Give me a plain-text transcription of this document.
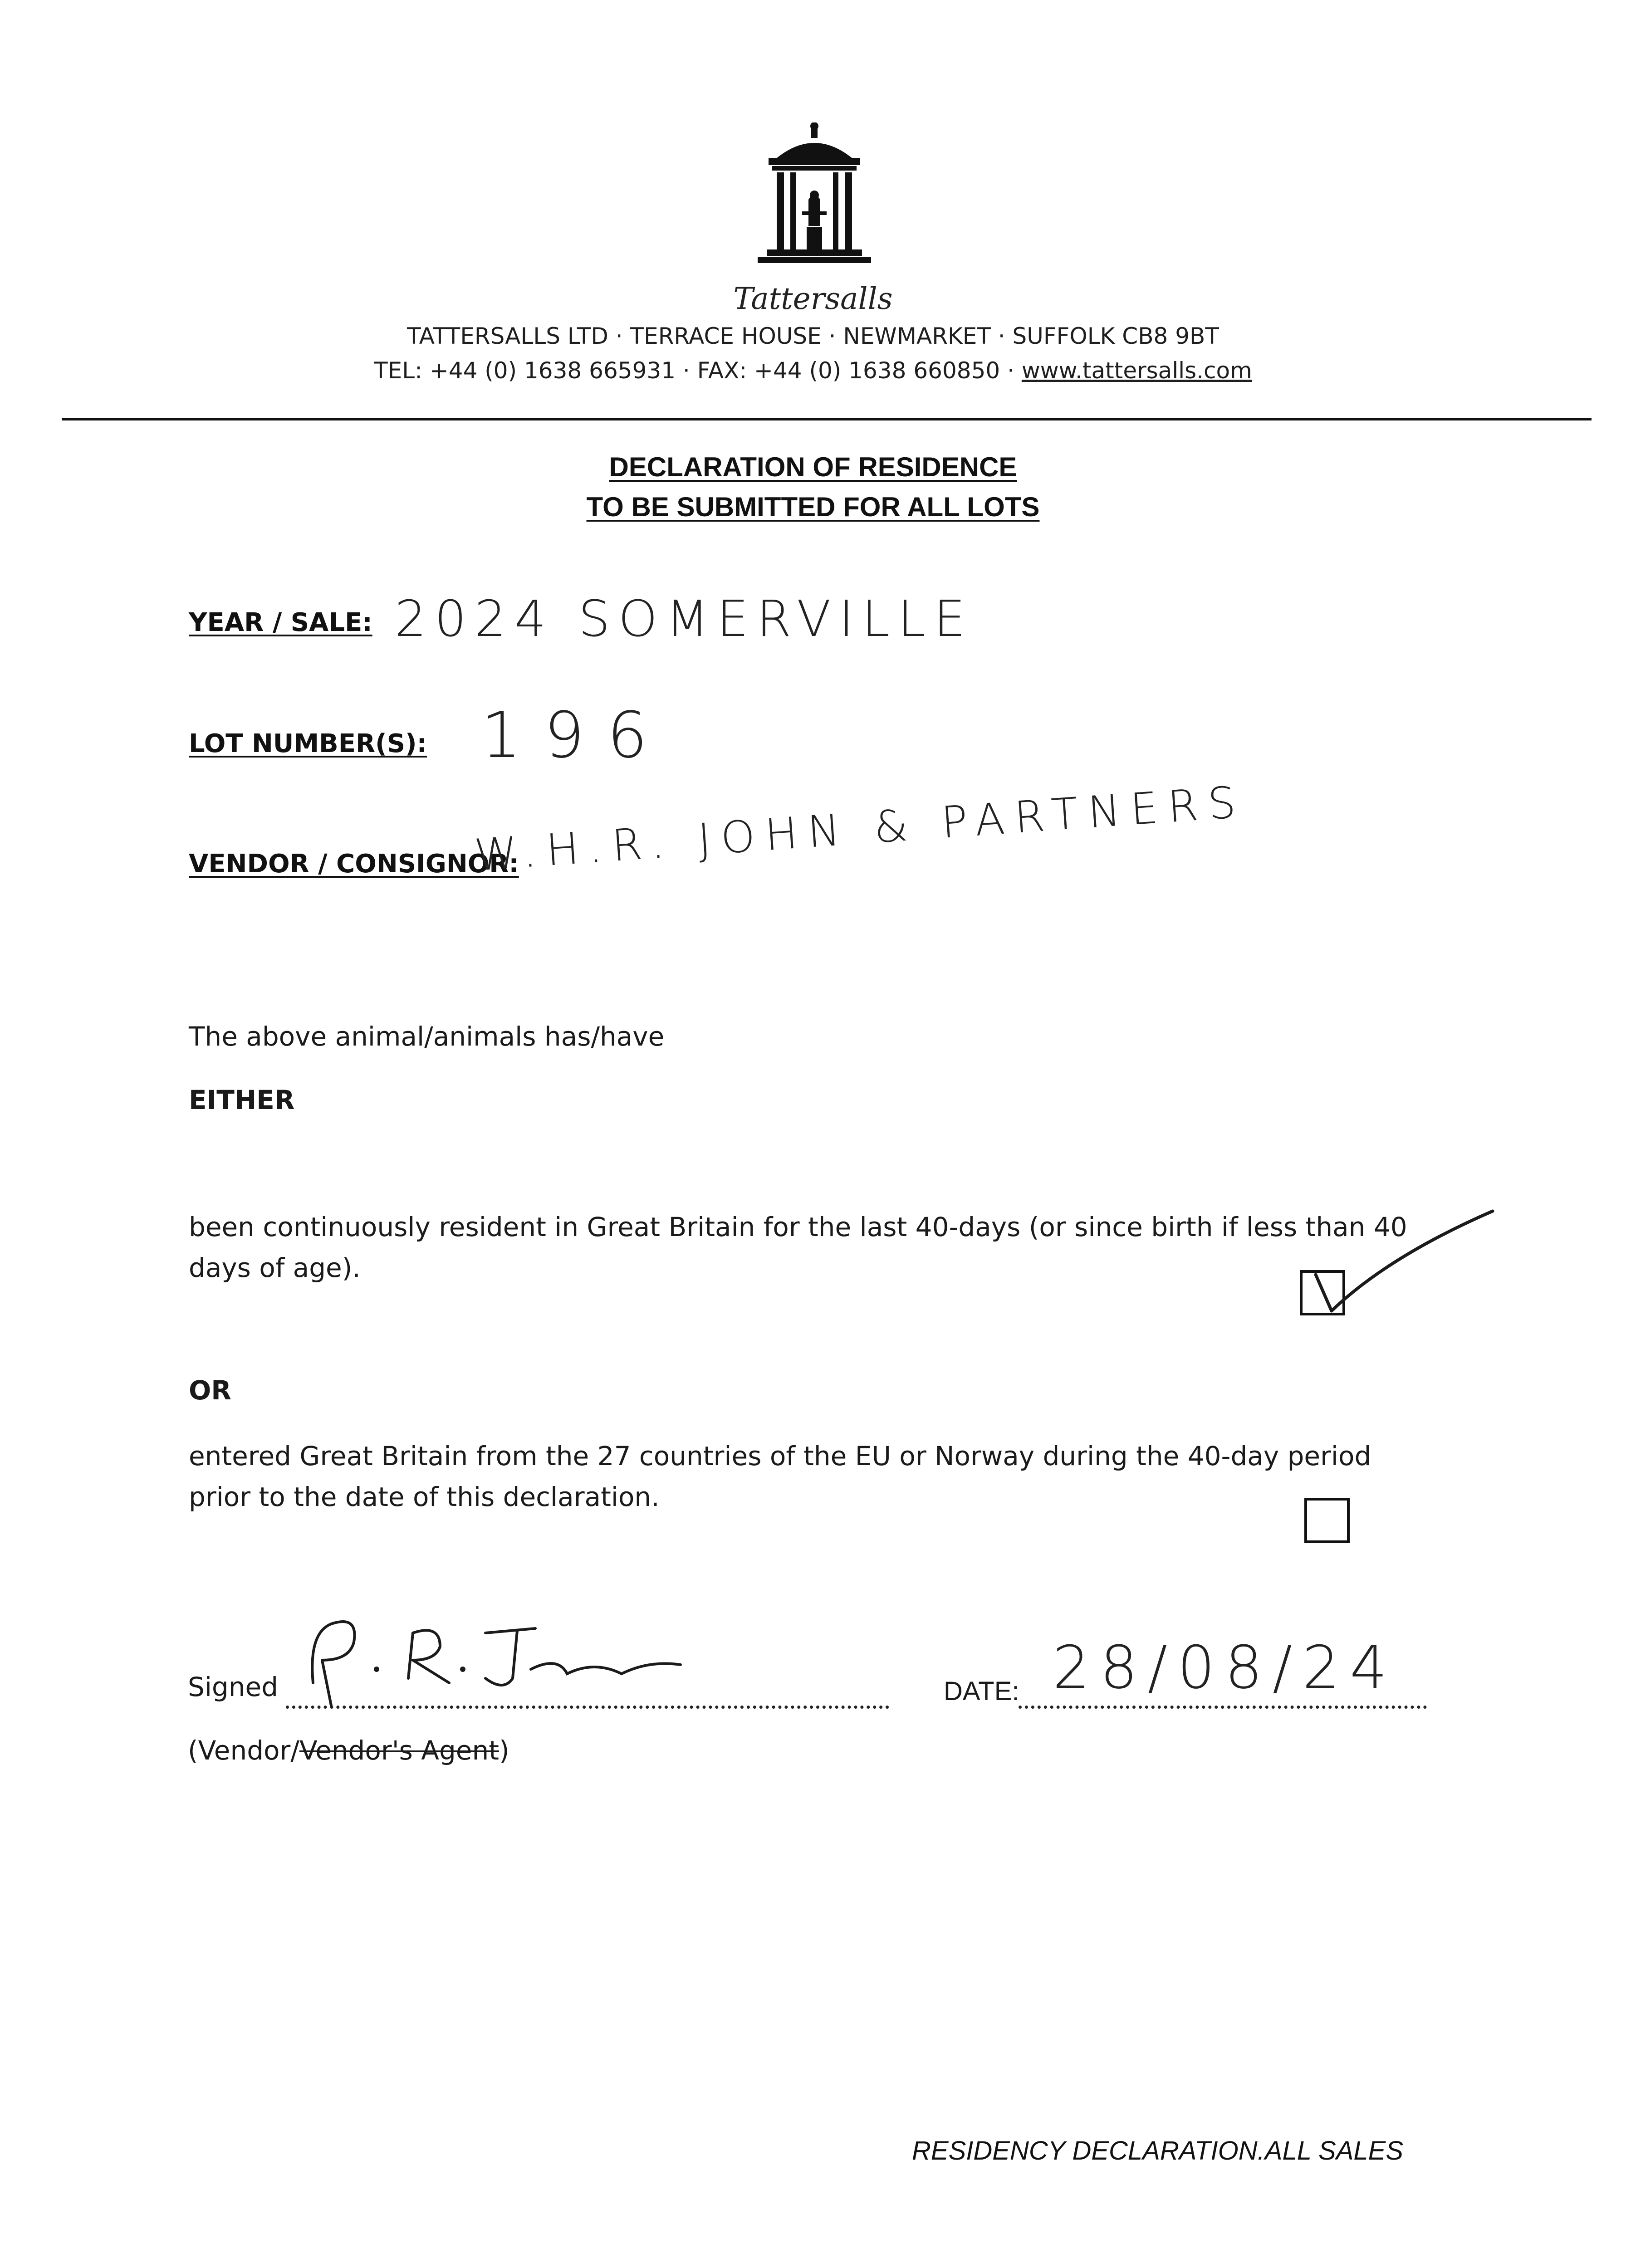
Tattersalls
TATTERSALLS LTD · TERRACE HOUSE · NEWMARKET · SUFFOLK CB8 9BT
TEL: +44 (0) 1638 665931 · FAX: +44 (0) 1638 660850 · www.tattersalls.com
DECLARATION OF RESIDENCE
TO BE SUBMITTED FOR ALL LOTS
YEAR / SALE: 2024 SOMERVILLE
LOT NUMBER(S): 196
VENDOR / CONSIGNOR:
W.H.R. JOHN & PARTNERS
The above animal/animals has/have
EITHER
been continuously resident in Great Britain for the last 40-days (or since birth if less than 40
days of age).
OR
entered Great Britain from the 27 countries of the EU or Norway during the 40-day period
prior to the date of this declaration.
Signed	DATE: 28/08/24
(Vendor/Vendor's Agent)
RESIDENCY DECLARATION.ALL SALES
